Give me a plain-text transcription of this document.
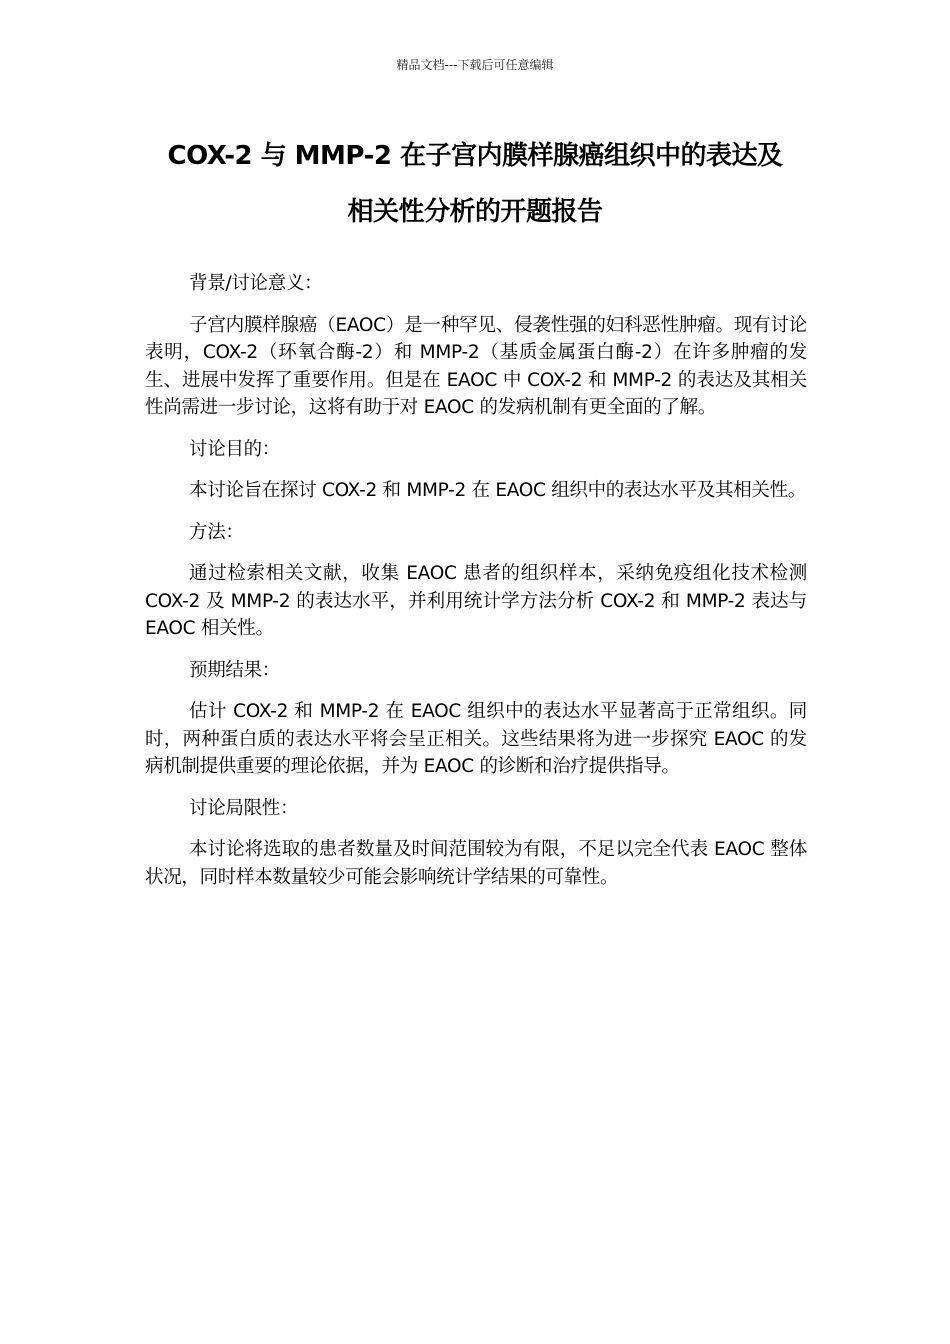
精品文档---下载后可任意编辑
COX-2 与 MMP-2 在子宫内膜样腺癌组织中的表达及
相关性分析的开题报告

背景/讨论意义：

子宫内膜样腺癌（EAOC）是一种罕见、侵袭性强的妇科恶性肿瘤。现有讨论表明，COX-2（环氧合酶-2）和 MMP-2（基质金属蛋白酶-2）在许多肿瘤的发生、进展中发挥了重要作用。但是在 EAOC 中 COX-2 和 MMP-2 的表达及其相关性尚需进一步讨论，这将有助于对 EAOC 的发病机制有更全面的了解。

讨论目的：

本讨论旨在探讨 COX-2 和 MMP-2 在 EAOC 组织中的表达水平及其相关性。

方法：

通过检索相关文献，收集 EAOC 患者的组织样本，采纳免疫组化技术检测 COX-2 及 MMP-2 的表达水平，并利用统计学方法分析 COX-2 和 MMP-2 表达与 EAOC 相关性。

预期结果：

估计 COX-2 和 MMP-2 在 EAOC 组织中的表达水平显著高于正常组织。同时，两种蛋白质的表达水平将会呈正相关。这些结果将为进一步探究 EAOC 的发病机制提供重要的理论依据，并为 EAOC 的诊断和治疗提供指导。

讨论局限性：

本讨论将选取的患者数量及时间范围较为有限，不足以完全代表 EAOC 整体状况，同时样本数量较少可能会影响统计学结果的可靠性。
